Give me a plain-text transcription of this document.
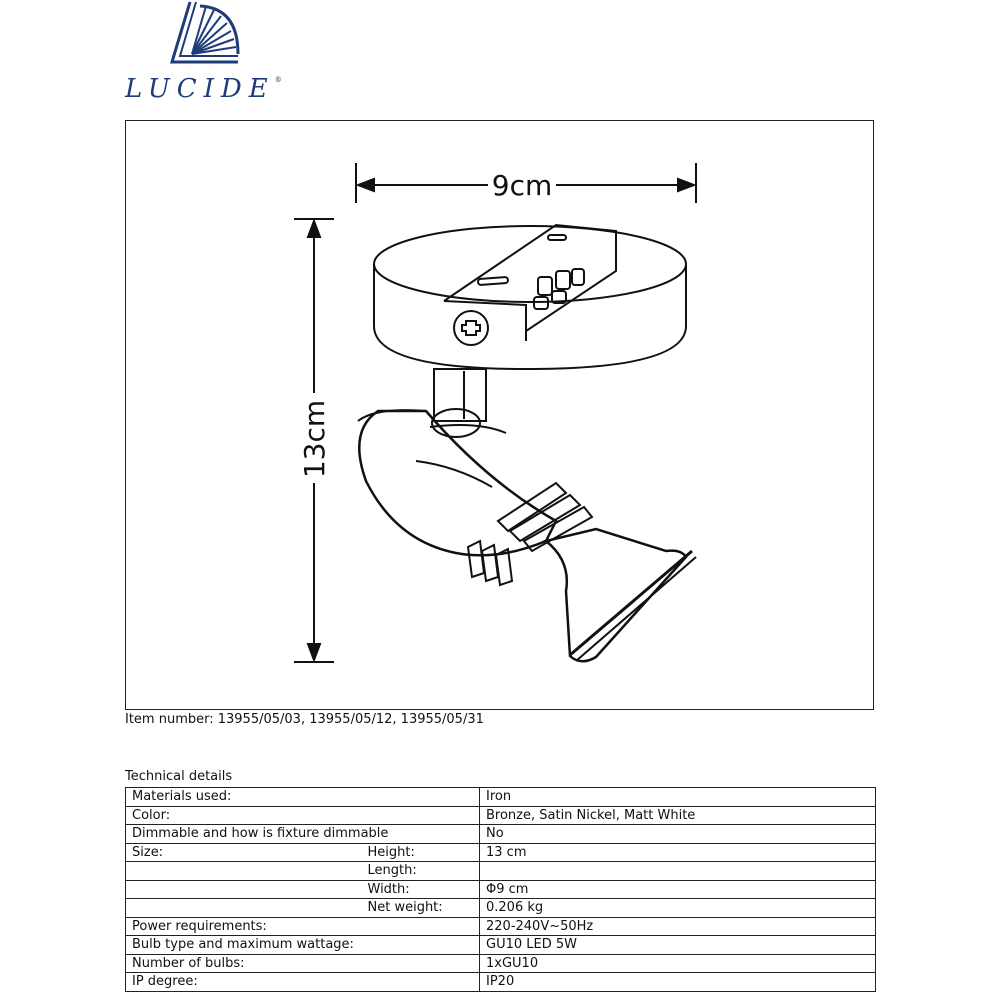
LUCIDE®
9cm
13cm
Item number: 13955/05/03, 13955/05/12, 13955/05/31
Technical details
Materials used:		Iron
Color:		Bronze, Satin Nickel, Matt White
Dimmable and how is fixture dimmable		No
Size:	Height:	13 cm
	Length:	
	Width:	Φ9 cm
	Net weight:	0.206 kg
Power requirements:		220-240V~50Hz
Bulb type and maximum wattage:		GU10 LED 5W
Number of bulbs:		1xGU10
IP degree:		IP20
